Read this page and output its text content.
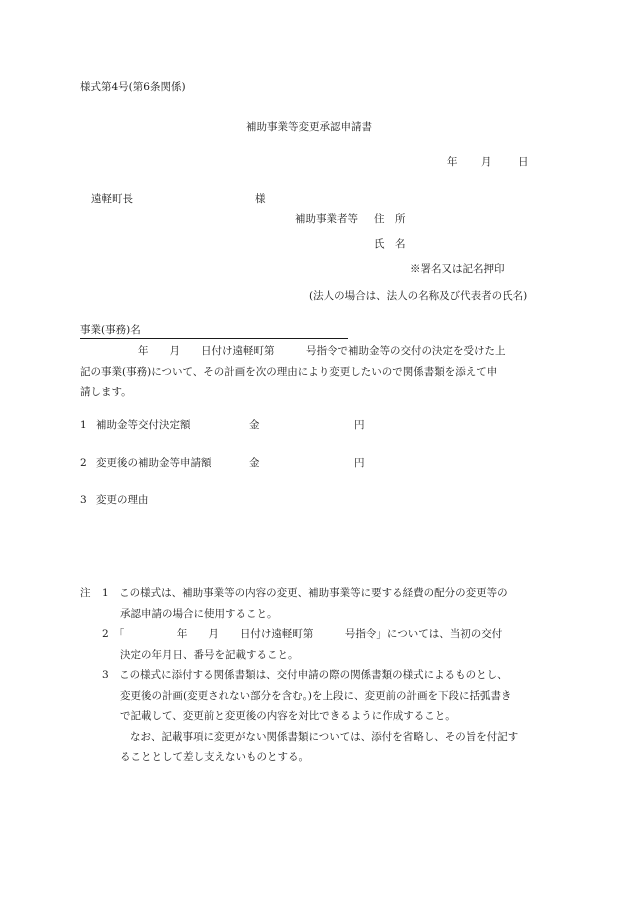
様式第4号(第6条関係)
補助事業等変更承認申請書
年 月	日
遠軽町長	様
補助事業者等 住　所
氏　名
※署名又は記名押印
(法人の場合は、法人の名称及び代表者の氏名)
事業(事務)名
年　　月　　日付け遠軽町第　　　号指令で補助金等の交付の決定を受けた上
記の事業(事務)について、その計画を次の理由により変更したいので関係書類を添えて申
請します。
1 補助金等交付決定額	金	円
2 変更後の補助金等申請額	金	円
3 変更の理由
注 1　この様式は、補助事業等の内容の変更、補助事業等に要する経費の配分の変更等の
承認申請の場合に使用すること。
2　「　　　　　年　　月　　日付け遠軽町第　　　号指令」については、当初の交付
決定の年月日、番号を記載すること。
3　この様式に添付する関係書類は、交付申請の際の関係書類の様式によるものとし、
変更後の計画(変更されない部分を含む。)を上段に、変更前の計画を下段に括弧書き
で記載して、変更前と変更後の内容を対比できるように作成すること。
なお、記載事項に変更がない関係書類については、添付を省略し、その旨を付記す
ることとして差し支えないものとする。
